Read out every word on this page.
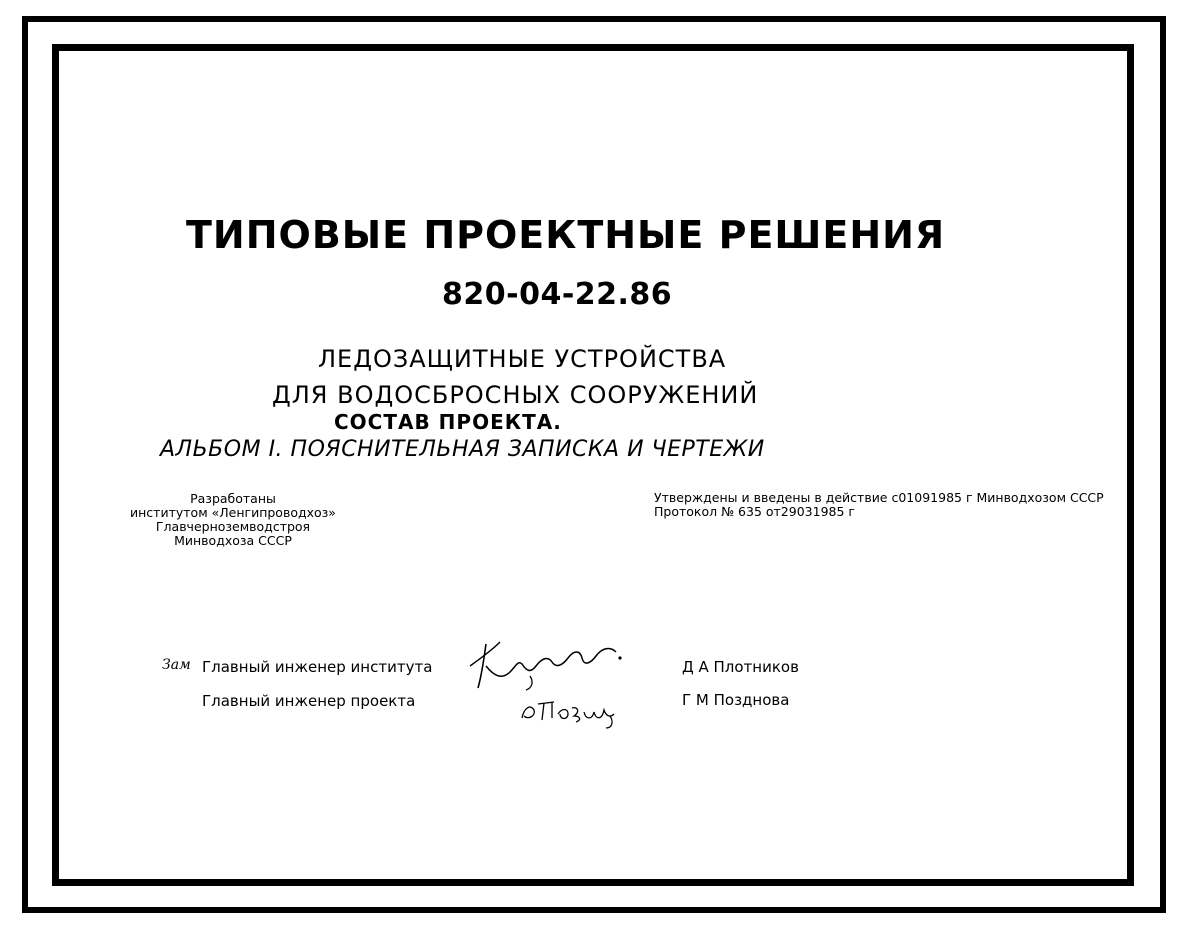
ТИПОВЫЕ ПРОЕКТНЫЕ РЕШЕНИЯ
820-04-22.86
ЛЕДОЗАЩИТНЫЕ УСТРОЙСТВА
ДЛЯ ВОДОСБРОСНЫХ СООРУЖЕНИЙ
СОСТАВ ПРОЕКТА.
АЛЬБОМ I. ПОЯСНИТЕЛЬНАЯ ЗАПИСКА И ЧЕРТЕЖИ
Разработаны
институтом «Ленгипроводхоз»
Главчерноземводстроя
Минводхоза СССР
Утверждены и введены в действие с01091985 г Минводхозом СССР
Протокол № 635 от29031985 г
Зам Главный инженер института
Главный инженер проекта
Д А Плотников
Г М Позднова
